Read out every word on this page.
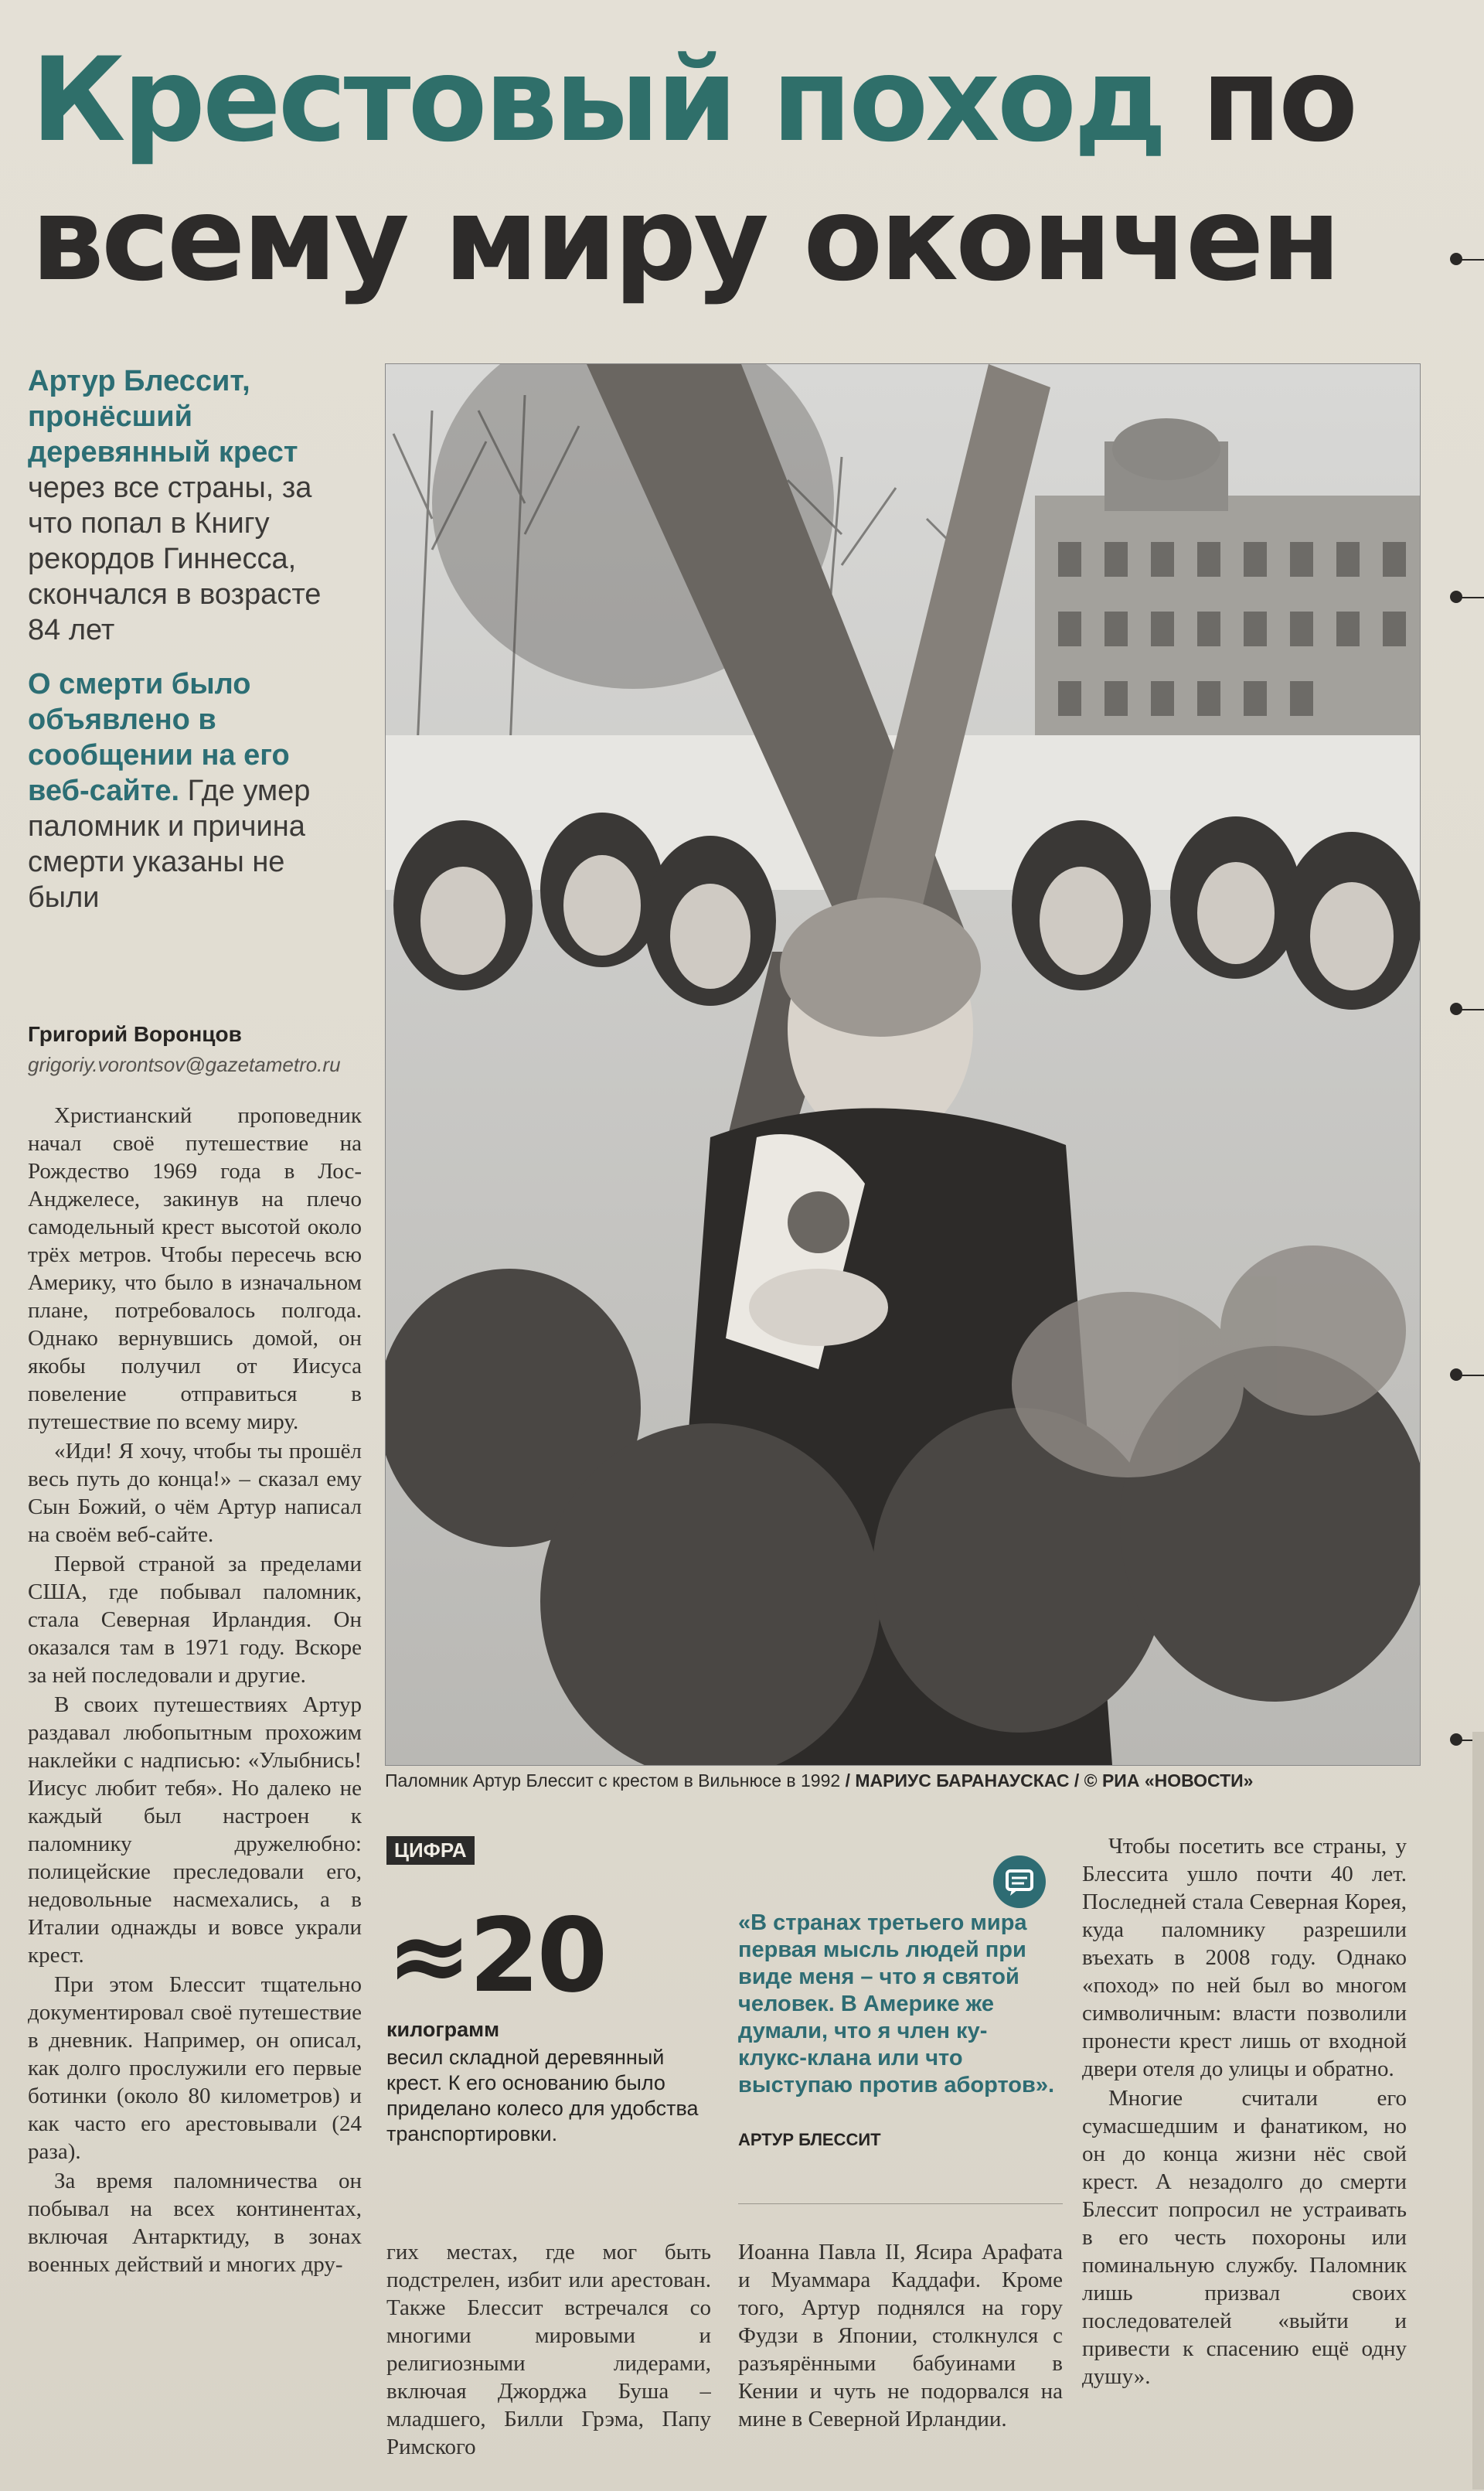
Крестовый поход по
всему миру окончен
Артур Блессит, пронёсший деревянный крест через все страны, за что попал в Книгу рекордов Гиннесса, скончался в возрасте 84 лет
О смерти было объявлено в сообщении на его веб-сайте. Где умер паломник и причина смерти указаны не были
Григорий Воронцов
grigoriy.vorontsov@gazetametro.ru

Христианский проповедник начал своё путешествие на Рождество 1969 года в Лос-Анджелесе, закинув на плечо самодельный крест высотой около трёх метров. Чтобы пересечь всю Америку, что было в изначальном плане, потребовалось полгода. Однако вернувшись домой, он якобы получил от Иисуса повеление отправиться в путешествие по всему миру.

«Иди! Я хочу, чтобы ты прошёл весь путь до конца!» – сказал ему Сын Божий, о чём Артур написал на своём веб-сайте.

Первой страной за пределами США, где побывал паломник, стала Северная Ирландия. Он оказался там в 1971 году. Вскоре за ней последовали и другие.

В своих путешествиях Артур раздавал любопытным прохожим наклейки с надписью: «Улыбнись! Иисус любит тебя». Но далеко не каждый был настроен к паломнику дружелюбно: полицейские преследовали его, недовольные насмехались, а в Италии однажды и вовсе украли крест.

При этом Блессит тщательно документировал своё путешествие в дневник. Например, он описал, как долго прослужили его первые ботинки (около 80 километров) и как часто его арестовывали (24 раза).

За время паломничества он побывал на всех континентах, включая Антарктиду, в зонах военных действий и многих дру-

Паломник Артур Блессит с крестом в Вильнюсе в 1992 / МАРИУС БАРАНАУСКАС / © РИА «НОВОСТИ»
ЦИФРА
≈20
килограмм
весил складной деревянный крест. К его основанию было приделано колесо для удобства транспортировки.

гих местах, где мог быть подстрелен, избит или арестован. Также Блессит встречался со многими мировыми и религиозными лидерами, включая Джорджа Буша – младшего, Билли Грэма, Папу Римского

«В странах третьего мира первая мысль людей при виде меня – что я святой человек. В Америке же думали, что я член ку-клукс-клана или что выступаю против абортов».
АРТУР БЛЕССИТ

Иоанна Павла II, Ясира Арафата и Муаммара Каддафи. Кроме того, Артур поднялся на гору Фудзи в Японии, столкнулся с разъярёнными бабуинами в Кении и чуть не подорвался на мине в Северной Ирландии.

Чтобы посетить все страны, у Блессита ушло почти 40 лет. Последней стала Северная Корея, куда паломнику разрешили въехать в 2008 году. Однако «поход» по ней был во многом символичным: власти позволили пронести крест лишь от входной двери отеля до улицы и обратно.

Многие считали его сумасшедшим и фанатиком, но он до конца жизни нёс свой крест. А незадолго до смерти Блессит попросил не устраивать в его честь похороны или поминальную службу. Паломник лишь призвал своих последователей «выйти и привести к спасению ещё одну душу».
